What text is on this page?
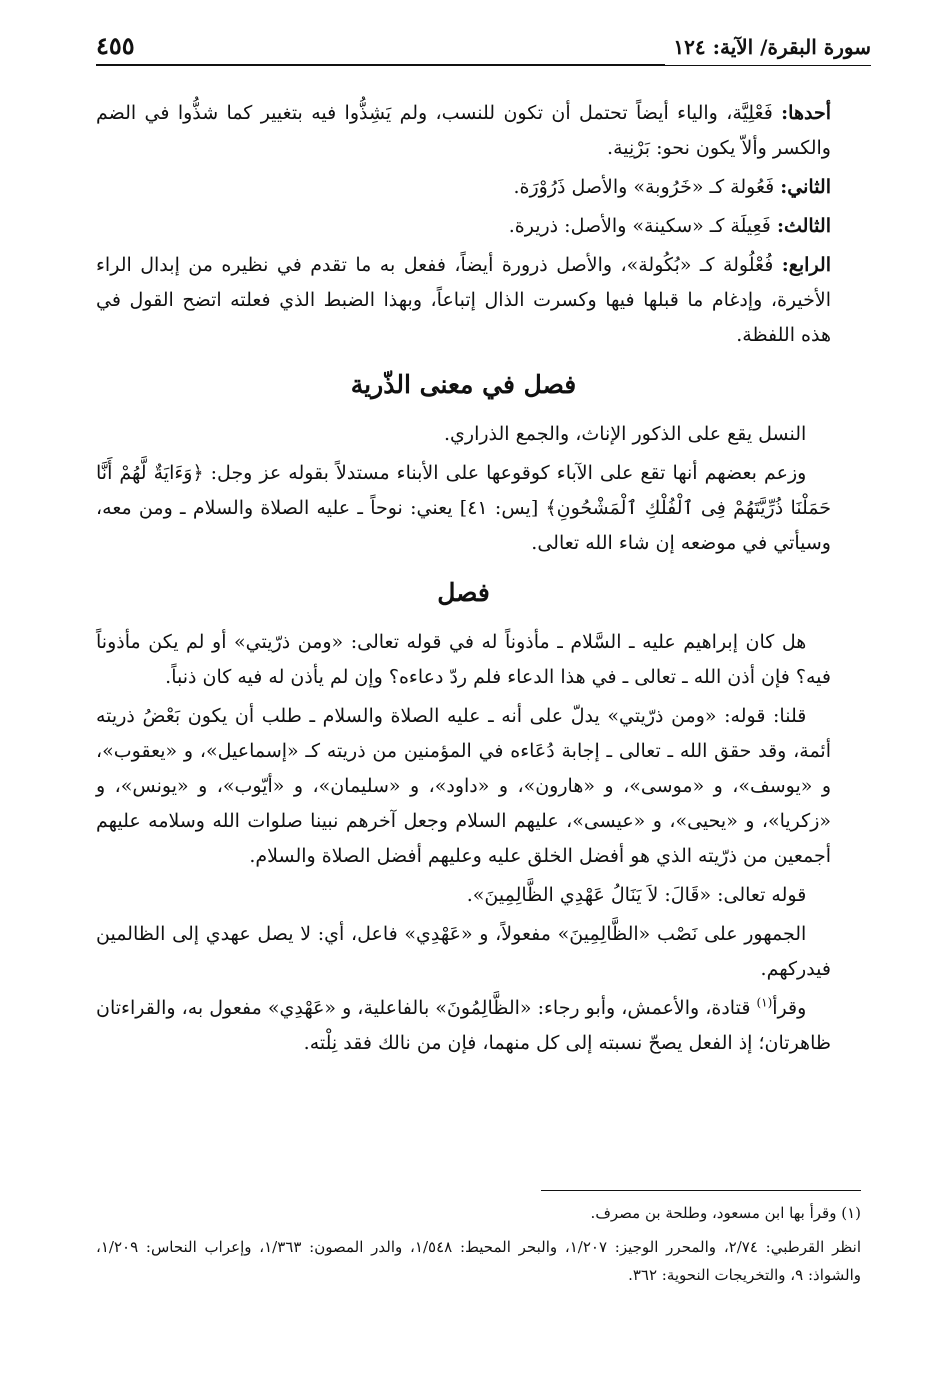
سورة البقرة/ الآية: ١٢٤
٤٥٥

أحدها: فَعْلِيَّة، والياء أيضاً تحتمل أن تكون للنسب، ولم يَشِذُّوا فيه بتغيير كما شذُّوا في الضم والكسر وألاّ يكون نحو: بَرْنِية.

الثاني: فَعُولة كـ «خَرُوبة» والأصل ذَرُوْرَة.

الثالث: فَعِيلَة كـ «سكينة» والأصل: ذريرة.

الرابع: فُعْلُولة كـ «بُكُولة»، والأصل ذرورة أيضاً، ففعل به ما تقدم في نظيره من إبدال الراء الأخيرة، وإدغام ما قبلها فيها وكسرت الذال إتباعاً، وبهذا الضبط الذي فعلته اتضح القول في هذه اللفظة.

فصل في معنى الذّرية

النسل يقع على الذكور الإناث، والجمع الذراري.

وزعم بعضهم أنها تقع على الآباء كوقوعها على الأبناء مستدلاً بقوله عز وجل: ﴿وَءَايَةٌ لَّهُمْ أَنَّا حَمَلْنَا ذُرِّيَّتَهُمْ فِى ٱلْفُلْكِ ٱلْمَشْحُونِ﴾ [يس: ٤١] يعني: نوحاً ـ عليه الصلاة والسلام ـ ومن معه، وسيأتي في موضعه إن شاء الله تعالى.

فصل

هل كان إبراهيم عليه ـ السَّلام ـ مأذوناً له في قوله تعالى: «ومن ذرّيتي» أو لم يكن مأذوناً فيه؟ فإن أذن الله ـ تعالى ـ في هذا الدعاء فلم ردّ دعاءه؟ وإن لم يأذن له فيه كان ذنباً.

قلنا: قوله: «ومن ذرّيتي» يدلّ على أنه ـ عليه الصلاة والسلام ـ طلب أن يكون بَعْضُ ذريته أئمة، وقد حقق الله ـ تعالى ـ إجابة دُعَاءه في المؤمنين من ذريته كـ «إسماعيل»، و «يعقوب»، و «يوسف»، و «موسى»، و «هارون»، و «داود»، و «سليمان»، و «أيّوب»، و «يونس»، و «زكريا»، و «يحيى»، و «عيسى»، عليهم السلام وجعل آخرهم نبينا صلوات الله وسلامه عليهم أجمعين من ذرّيته الذي هو أفضل الخلق عليه وعليهم أفضل الصلاة والسلام.

قوله تعالى: «قَالَ: لاَ يَنَالُ عَهْدِي الظَّالِمِينَ».

الجمهور على نَصْب «الظَّالِمِينَ» مفعولاً، و «عَهْدِي» فاعل، أي: لا يصل عهدي إلى الظالمين فيدركهم.

وقرأ$^{(١)}$ قتادة، والأعمش، وأبو رجاء: «الظَّالِمُونَ» بالفاعلية، و «عَهْدِي» مفعول به، والقراءتان ظاهرتان؛ إذ الفعل يصحّ نسبته إلى كل منهما، فإن من نالك فقد نِلْته.

(١) وقرأ بها ابن مسعود، وطلحة بن مصرف.

انظر القرطبي: ٢/٧٤، والمحرر الوجيز: ١/٢٠٧، والبحر المحيط: ١/٥٤٨، والدر المصون: ١/٣٦٣، وإعراب النحاس: ١/٢٠٩، والشواذ: ٩، والتخريجات النحوية: ٣٦٢.
